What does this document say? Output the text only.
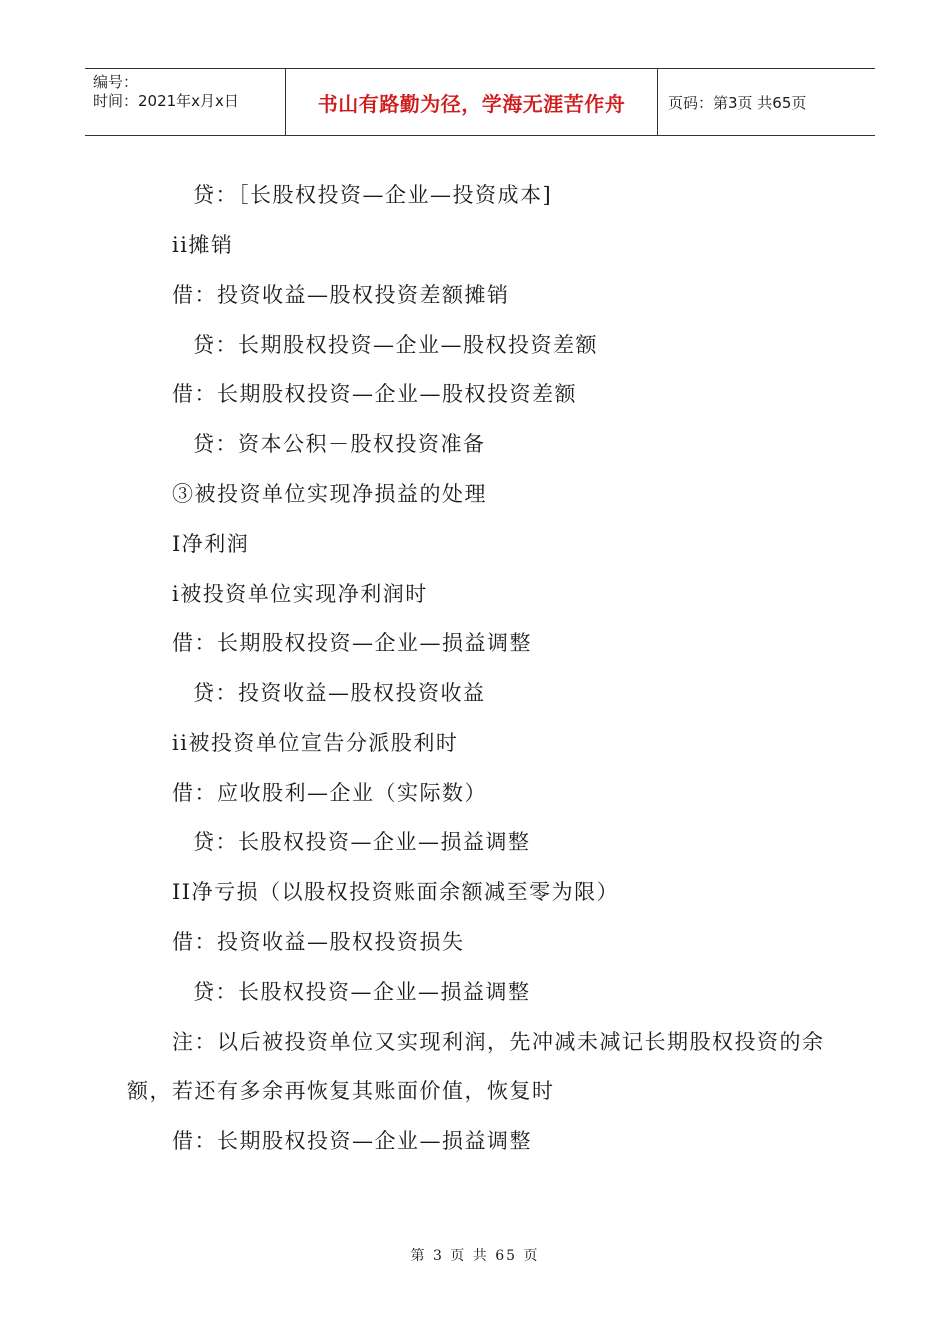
编号：
时间：2021年x月x日	书山有路勤为径，学海无涯苦作舟	页码：第3页 共65页
贷：［长股权投资—企业—投资成本]
ii摊销
借：投资收益—股权投资差额摊销
贷：长期股权投资—企业—股权投资差额
借：长期股权投资—企业—股权投资差额
贷：资本公积－股权投资准备
③被投资单位实现净损益的处理
I净利润
i被投资单位实现净利润时
借：长期股权投资—企业—损益调整
贷：投资收益—股权投资收益
ii被投资单位宣告分派股利时
借：应收股利—企业（实际数）
贷：长股权投资—企业—损益调整
II净亏损（以股权投资账面余额减至零为限）
借：投资收益—股权投资损失
贷：长股权投资—企业—损益调整
注：以后被投资单位又实现利润，先冲减未减记长期股权投资的余
额，若还有多余再恢复其账面价值，恢复时
借：长期股权投资—企业—损益调整
第 3 页 共 65 页
